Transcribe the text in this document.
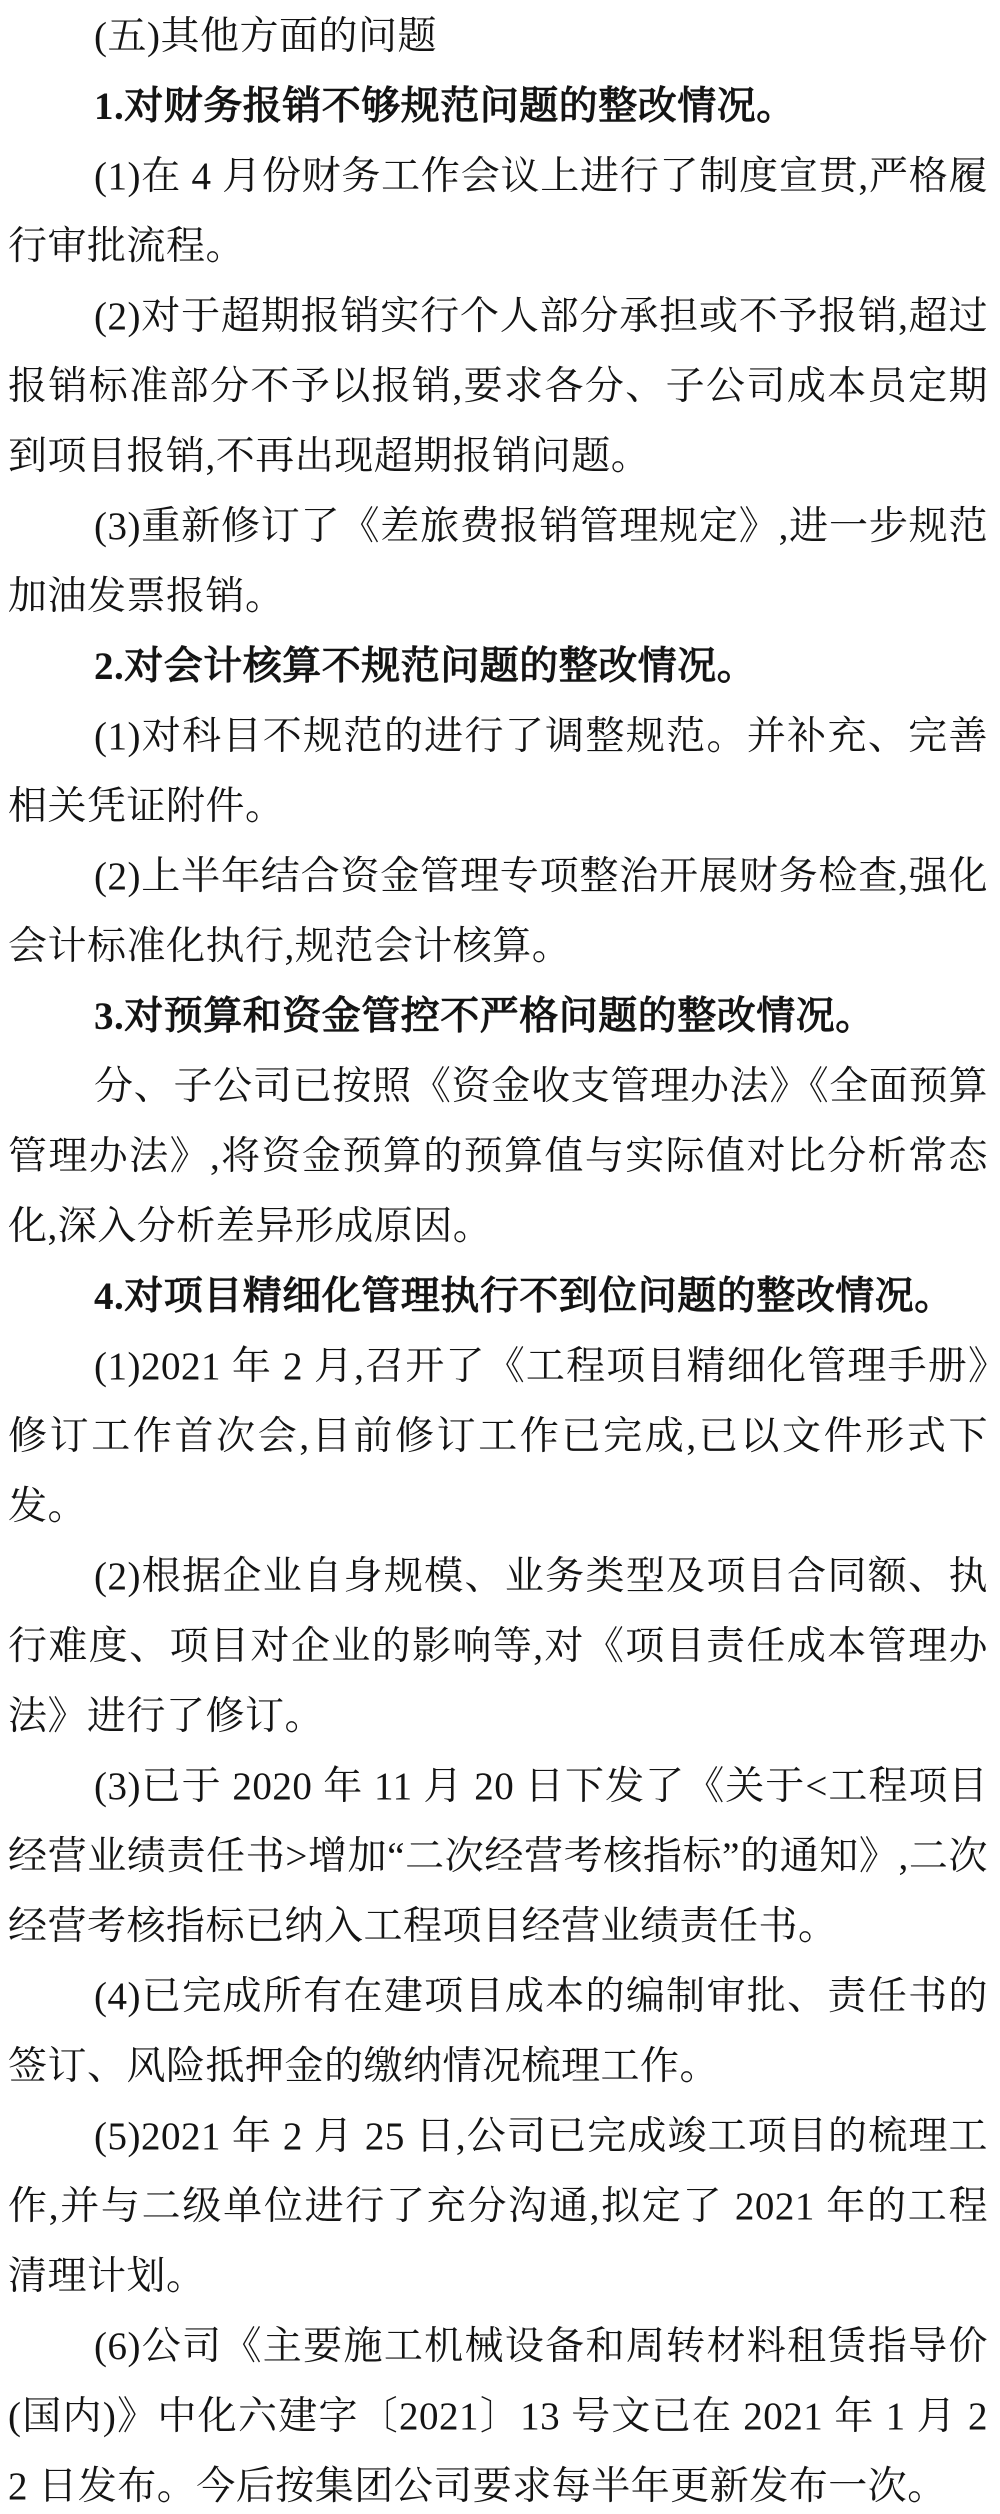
(五)其他方面的问题

1.对财务报销不够规范问题的整改情况。

(1)在 4 月份财务工作会议上进行了制度宣贯,严格履行审批流程。

(2)对于超期报销实行个人部分承担或不予报销,超过报销标准部分不予以报销,要求各分、子公司成本员定期到项目报销,不再出现超期报销问题。

(3)重新修订了《差旅费报销管理规定》,进一步规范加油发票报销。

2.对会计核算不规范问题的整改情况。

(1)对科目不规范的进行了调整规范。并补充、完善相关凭证附件。

(2)上半年结合资金管理专项整治开展财务检查,强化会计标准化执行,规范会计核算。

3.对预算和资金管控不严格问题的整改情况。

分、子公司已按照《资金收支管理办法》《全面预算管理办法》,将资金预算的预算值与实际值对比分析常态化,深入分析差异形成原因。

4.对项目精细化管理执行不到位问题的整改情况。

(1)2021 年 2 月,召开了《工程项目精细化管理手册》修订工作首次会,目前修订工作已完成,已以文件形式下发。

(2)根据企业自身规模、业务类型及项目合同额、执行难度、项目对企业的影响等,对《项目责任成本管理办法》进行了修订。

(3)已于 2020 年 11 月 20 日下发了《关于<工程项目经营业绩责任书>增加“二次经营考核指标”的通知》,二次经营考核指标已纳入工程项目经营业绩责任书。

(4)已完成所有在建项目成本的编制审批、责任书的签订、风险抵押金的缴纳情况梳理工作。

(5)2021 年 2 月 25 日,公司已完成竣工项目的梳理工作,并与二级单位进行了充分沟通,拟定了 2021 年的工程清理计划。

(6)公司《主要施工机械设备和周转材料租赁指导价(国内)》中化六建字〔2021〕13 号文已在 2021 年 1 月 22 日发布。今后按集团公司要求每半年更新发布一次。
